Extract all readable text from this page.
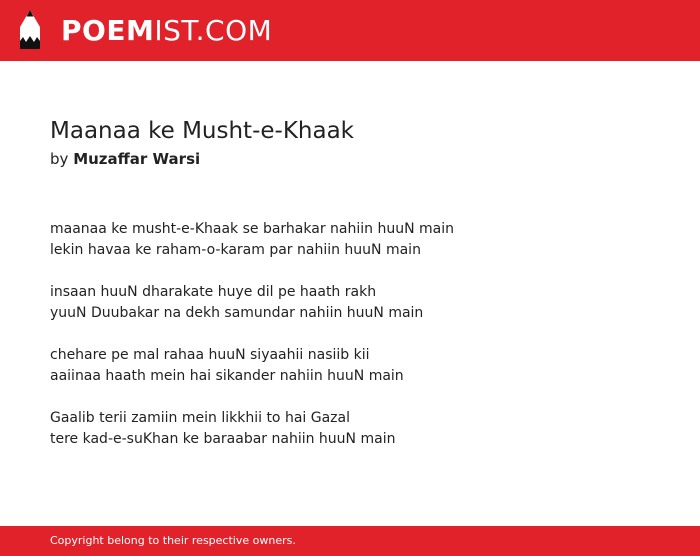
POEMIST.COM
Maanaa ke Musht-e-Khaak
by Muzaffar Warsi
maanaa ke musht-e-Khaak se barhakar nahiin huuN main
lekin havaa ke raham-o-karam par nahiin huuN main
insaan huuN dharakate huye dil pe haath rakh
yuuN Duubakar na dekh samundar nahiin huuN main
chehare pe mal rahaa huuN siyaahii nasiib kii
aaiinaa haath mein hai sikander nahiin huuN main
Gaalib terii zamiin mein likkhii to hai Gazal
tere kad-e-suKhan ke baraabar nahiin huuN main
Copyright belong to their respective owners.
